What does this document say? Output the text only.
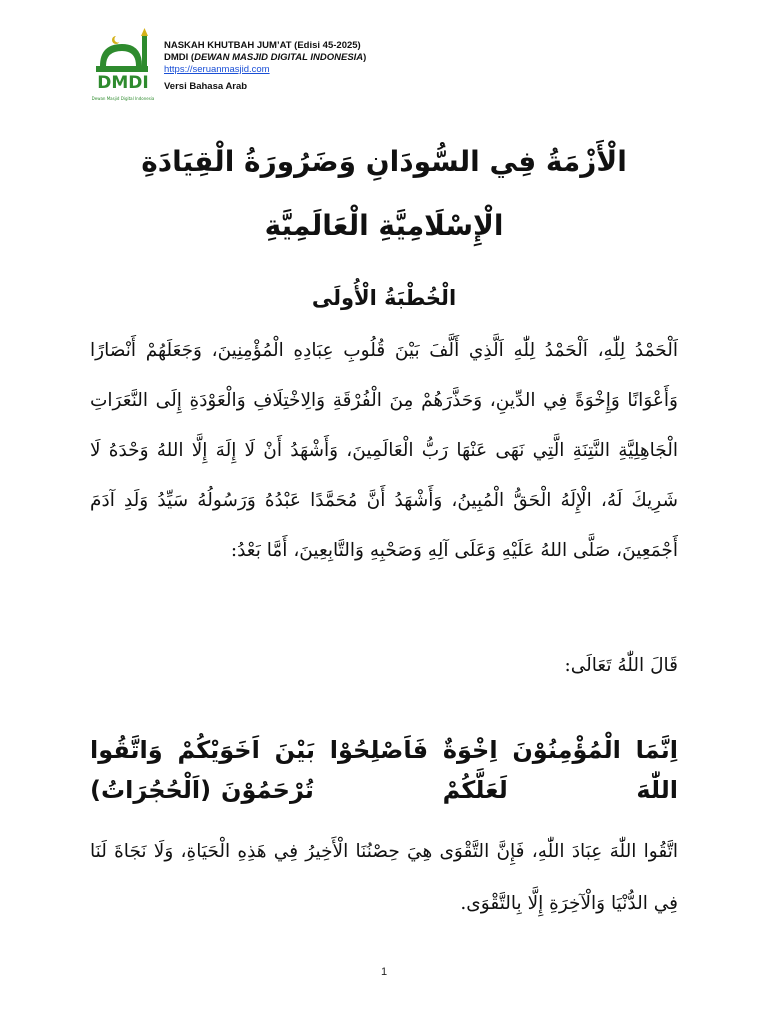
DMDI
Dewan Masjid Digital Indonesia
NASKAH KHUTBAH JUM’AT (Edisi 45-2025)
DMDI (DEWAN MASJID DIGITAL INDONESIA)
https://seruanmasjid.com
Versi Bahasa Arab
الْأَزْمَةُ فِي السُّودَانِ وَضَرُورَةُ الْقِيَادَةِ الْإِسْلَامِيَّةِ الْعَالَمِيَّةِ
الْخُطْبَةُ الْأُولَى

اَلْحَمْدُ لِلّٰهِ، اَلْحَمْدُ لِلّٰهِ اَلَّذِي أَلَّفَ بَيْنَ قُلُوبِ عِبَادِهِ الْمُؤْمِنِينَ، وَجَعَلَهُمْ أَنْصَارًا وَأَعْوَانًا وَإِخْوَةً فِي الدِّينِ، وَحَذَّرَهُمْ مِنَ الْفُرْقَةِ وَالِاخْتِلَافِ وَالْعَوْدَةِ إِلَى النَّعَرَاتِ الْجَاهِلِيَّةِ النَّتِنَةِ الَّتِي نَهَى عَنْهَا رَبُّ الْعَالَمِينَ، وَأَشْهَدُ أَنْ لَا إِلَهَ إِلَّا اللهُ وَحْدَهُ لَا شَرِيكَ لَهُ، الْإِلَهُ الْحَقُّ الْمُبِينُ، وَأَشْهَدُ أَنَّ مُحَمَّدًا عَبْدُهُ وَرَسُولُهُ سَيِّدُ وَلَدِ آدَمَ أَجْمَعِينَ، صَلَّى اللهُ عَلَيْهِ وَعَلَى آلِهِ وَصَحْبِهِ وَالتَّابِعِينَ، أَمَّا بَعْدُ:

قَالَ اللّٰهُ تَعَالَى:

اِنَّمَا الْمُؤْمِنُوْنَ اِخْوَةٌ فَاَصْلِحُوْا بَيْنَ اَخَوَيْكُمْ وَاتَّقُوا اللّٰهَ لَعَلَّكُمْ تُرْحَمُوْنَ(اَلْحُجُرَاتُ)

اتَّقُوا اللّٰهَ عِبَادَ اللّٰهِ، فَإِنَّ التَّقْوَى هِيَ حِصْنُنَا الْأَخِيرُ فِي هَذِهِ الْحَيَاةِ، وَلَا نَجَاةَ لَنَا فِي الدُّنْيَا وَالْآخِرَةِ إِلَّا بِالتَّقْوَى.

1
